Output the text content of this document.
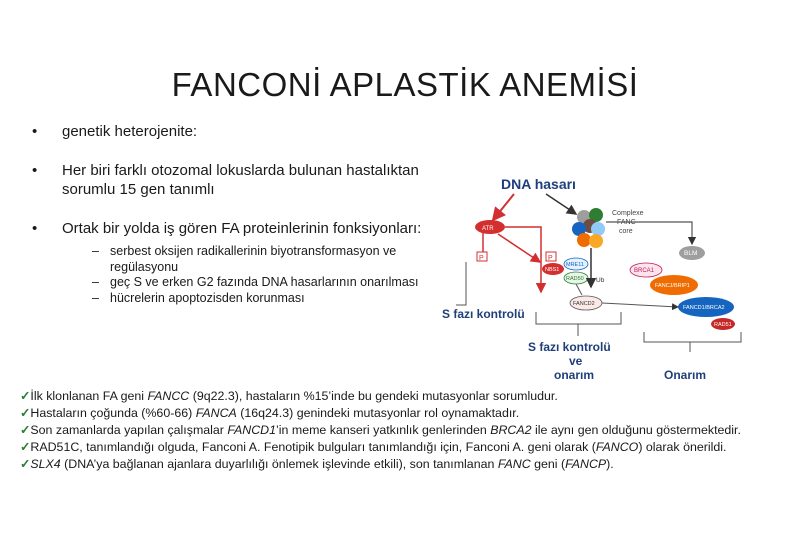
FANCONİ APLASTİK ANEMİSİ
• genetik heterojenite:
• Her biri farklı otozomal lokuslarda bulunan hastalıktan sorumlu 15 gen tanımlı
• Ortak bir yolda iş gören FA proteinlerinin fonksiyonları:
– serbest oksijen radikallerinin biyotransformasyon ve regülasyonu
– geç S ve erken G2 fazında DNA hasarlarının onarılması
– hücrelerin apoptozisden korunması
DNA hasarı
Complexe
FANC
core
ATR
P	P
NBS1
MRE11
RAD50 Ub
FANCD2
BLM
BRCA1
FANCJ/BRIP1
FANCD1/BRCA2
RAD51
S fazı kontrolü
S fazı kontrolü
ve
onarım	Onarım
✓İlk klonlanan FA geni FANCC (9q22.3), hastaların %15’inde bu gendeki mutasyonlar sorumludur.
✓Hastaların çoğunda (%60-66) FANCA (16q24.3) genindeki mutasyonlar rol oynamaktadır.
✓Son zamanlarda yapılan çalışmalar FANCD1’in meme kanseri yatkınlık genlerinden BRCA2 ile aynı gen olduğunu göstermektedir.
✓RAD51C, tanımlandığı olguda, Fanconi A. Fenotipik bulguları tanımlandığı için, Fanconi A. geni olarak (FANCO) olarak önerildi.
✓SLX4 (DNA’ya bağlanan ajanlara duyarlılığı önlemek işlevinde etkili), son tanımlanan FANC geni (FANCP).
